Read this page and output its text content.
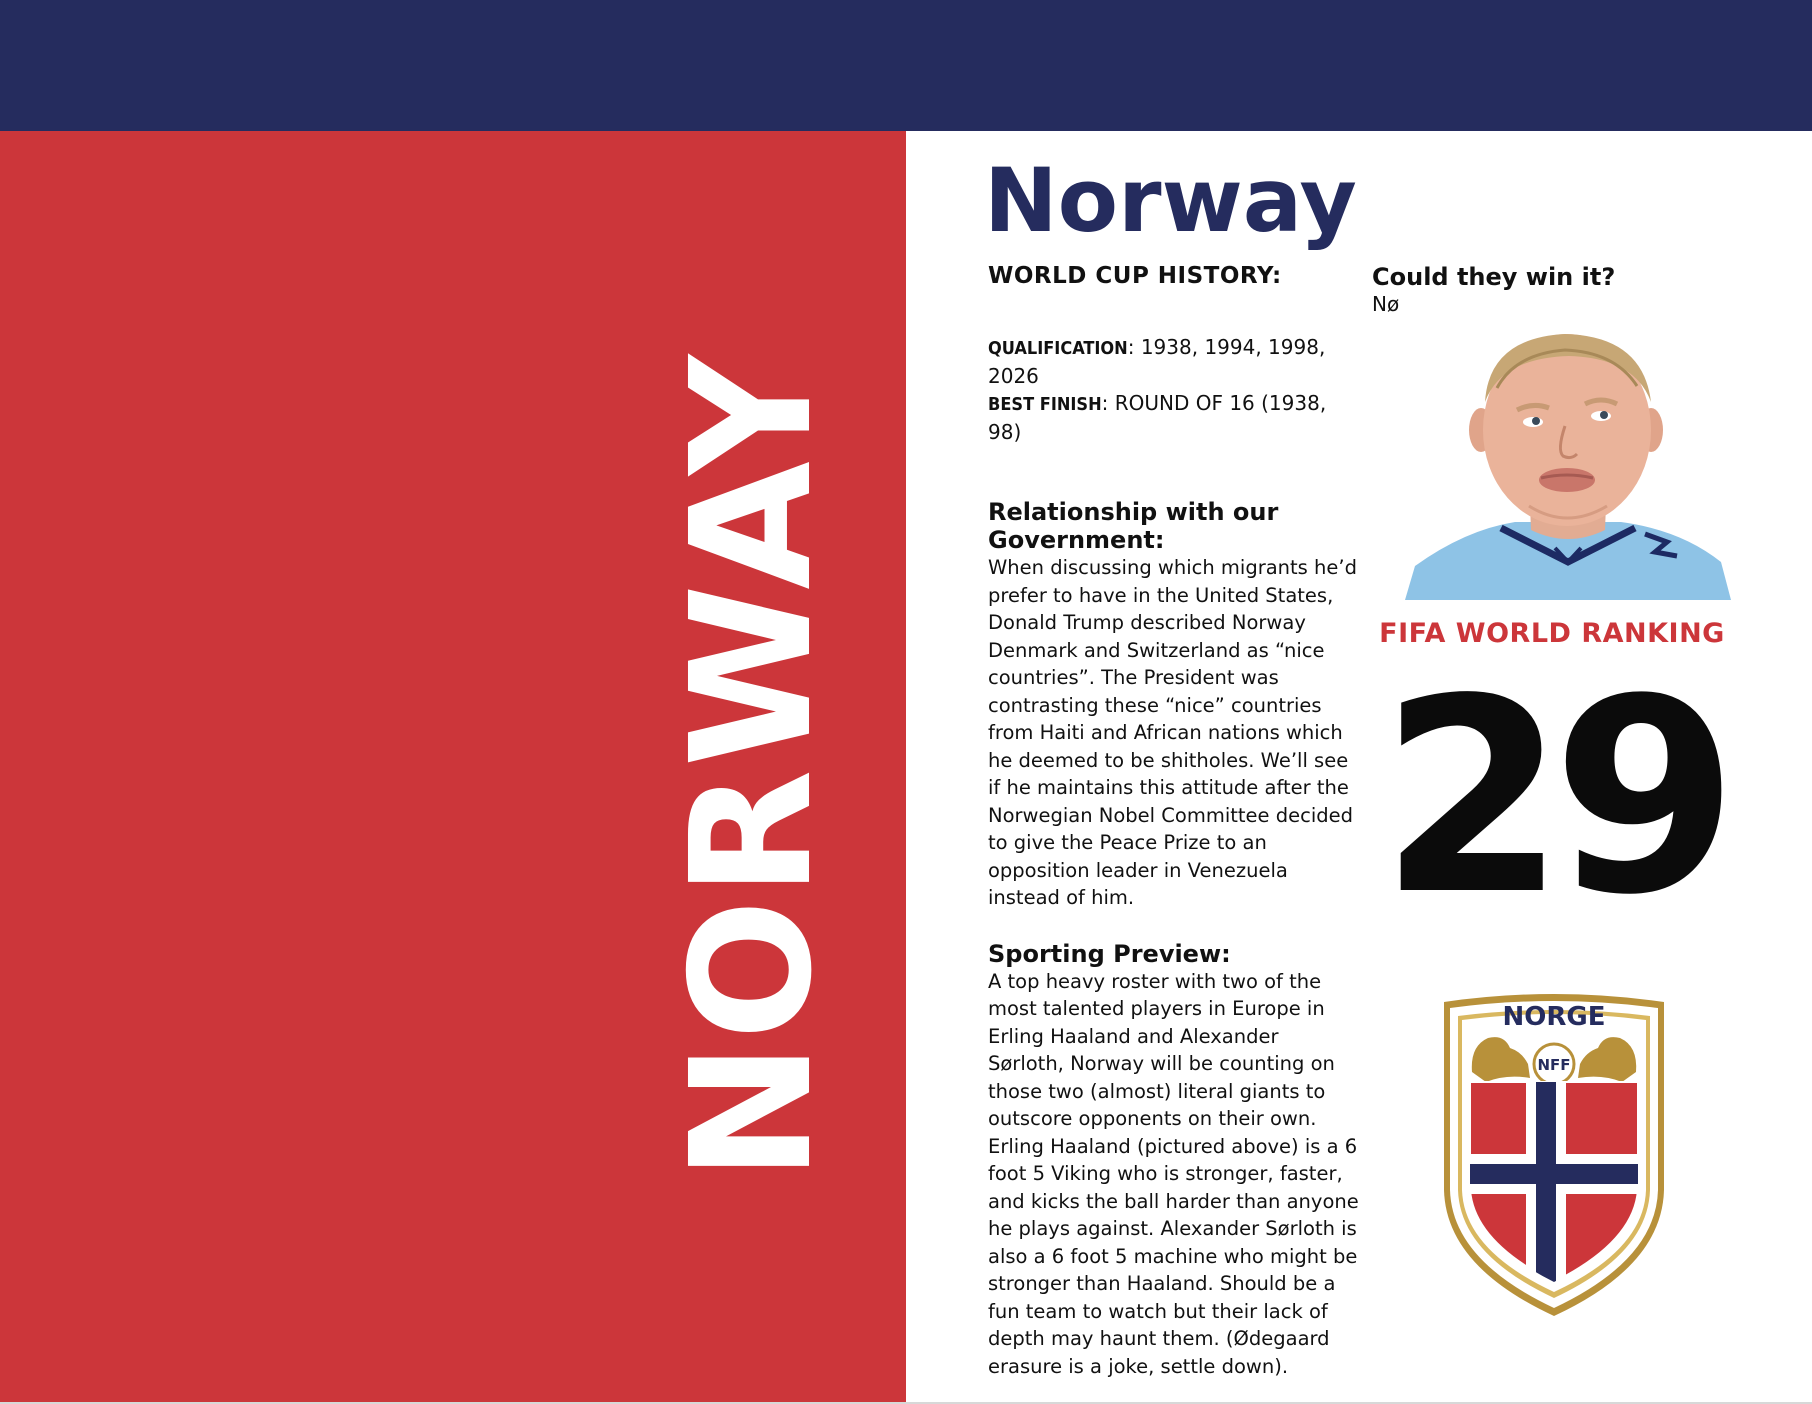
NORWAY
Norway
WORLD CUP HISTORY:
QUALIFICATION: 1938, 1994, 1998, 2026
BEST FINISH: ROUND OF 16 (1938, 98)
Relationship with our Government:

When discussing which migrants he’d prefer to have in the United States, Donald Trump described Norway Denmark and Switzerland as “nice countries”. The President was contrasting these “nice” countries from Haiti and African nations which he deemed to be shitholes. We’ll see if he maintains this attitude after the Norwegian Nobel Committee decided to give the Peace Prize to an opposition leader in Venezuela instead of him.

Sporting Preview:

A top heavy roster with two of the most talented players in Europe in Erling Haaland and Alexander Sørloth, Norway will be counting on those two (almost) literal giants to outscore opponents on their own. Erling Haaland (pictured above) is a 6 foot 5 Viking who is stronger, faster, and kicks the ball harder than anyone he plays against. Alexander Sørloth is also a 6 foot 5 machine who might be stronger than Haaland. Should be a fun team to watch but their lack of depth may haunt them. (Ødegaard erasure is a joke, settle down).

Could they win it?

Nø

FIFA WORLD RANKING
29
NORGE
NFF
